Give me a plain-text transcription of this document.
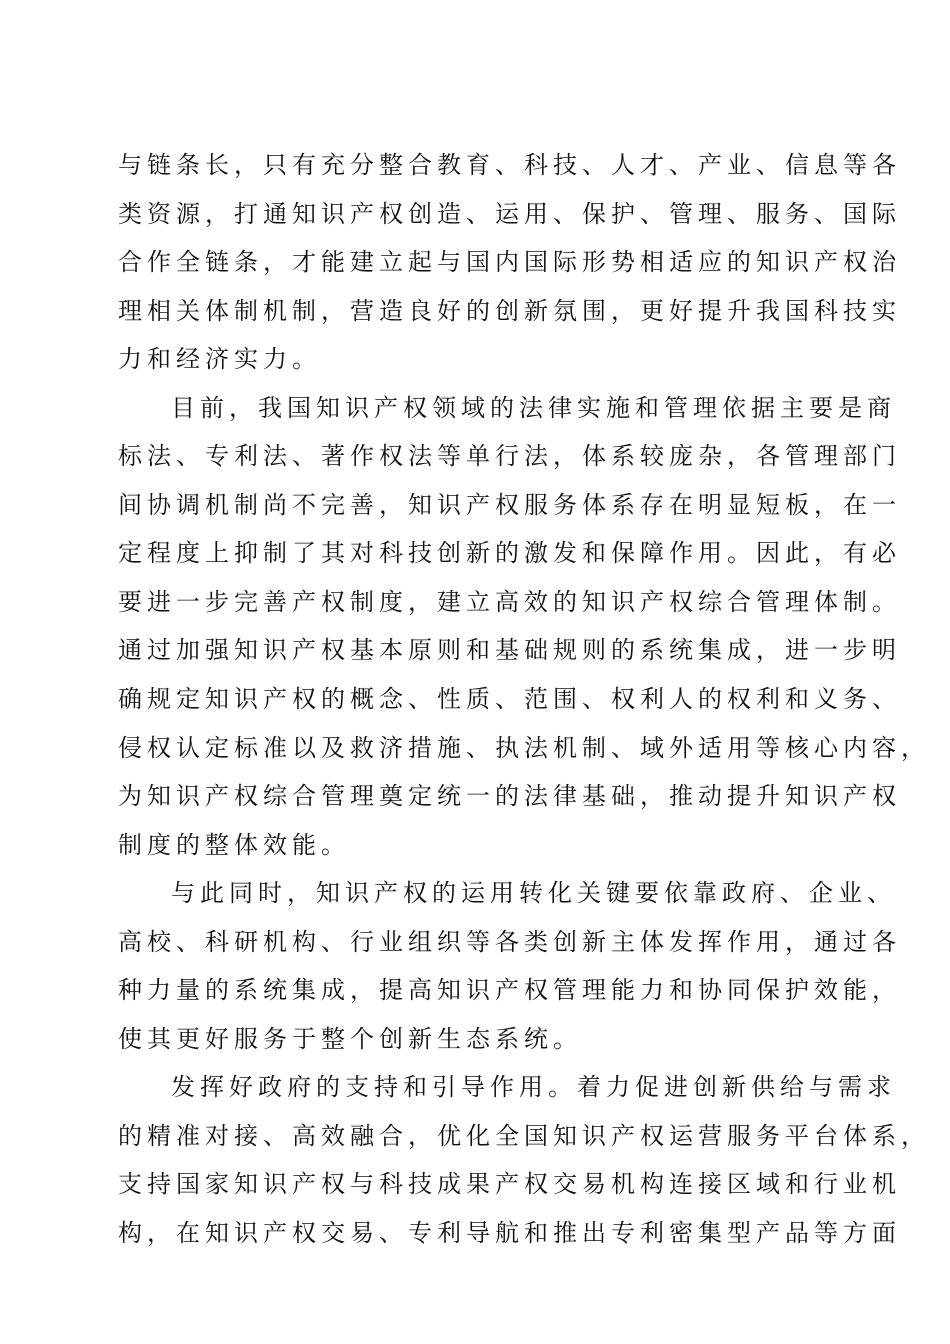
与链条长，只有充分整合教育、科技、人才、产业、信息等各
类资源，打通知识产权创造、运用、保护、管理、服务、国际
合作全链条，才能建立起与国内国际形势相适应的知识产权治
理相关体制机制，营造良好的创新氛围，更好提升我国科技实
力和经济实力。
目前，我国知识产权领域的法律实施和管理依据主要是商
标法、专利法、著作权法等单行法，体系较庞杂，各管理部门
间协调机制尚不完善，知识产权服务体系存在明显短板，在一
定程度上抑制了其对科技创新的激发和保障作用。因此，有必
要进一步完善产权制度，建立高效的知识产权综合管理体制。
通过加强知识产权基本原则和基础规则的系统集成，进一步明
确规定知识产权的概念、性质、范围、权利人的权利和义务、
侵权认定标准以及救济措施、执法机制、域外适用等核心内容，
为知识产权综合管理奠定统一的法律基础，推动提升知识产权
制度的整体效能。
与此同时，知识产权的运用转化关键要依靠政府、企业、
高校、科研机构、行业组织等各类创新主体发挥作用，通过各
种力量的系统集成，提高知识产权管理能力和协同保护效能，
使其更好服务于整个创新生态系统。
发挥好政府的支持和引导作用。着力促进创新供给与需求
的精准对接、高效融合，优化全国知识产权运营服务平台体系，
支持国家知识产权与科技成果产权交易机构连接区域和行业机
构，在知识产权交易、专利导航和推出专利密集型产品等方面
